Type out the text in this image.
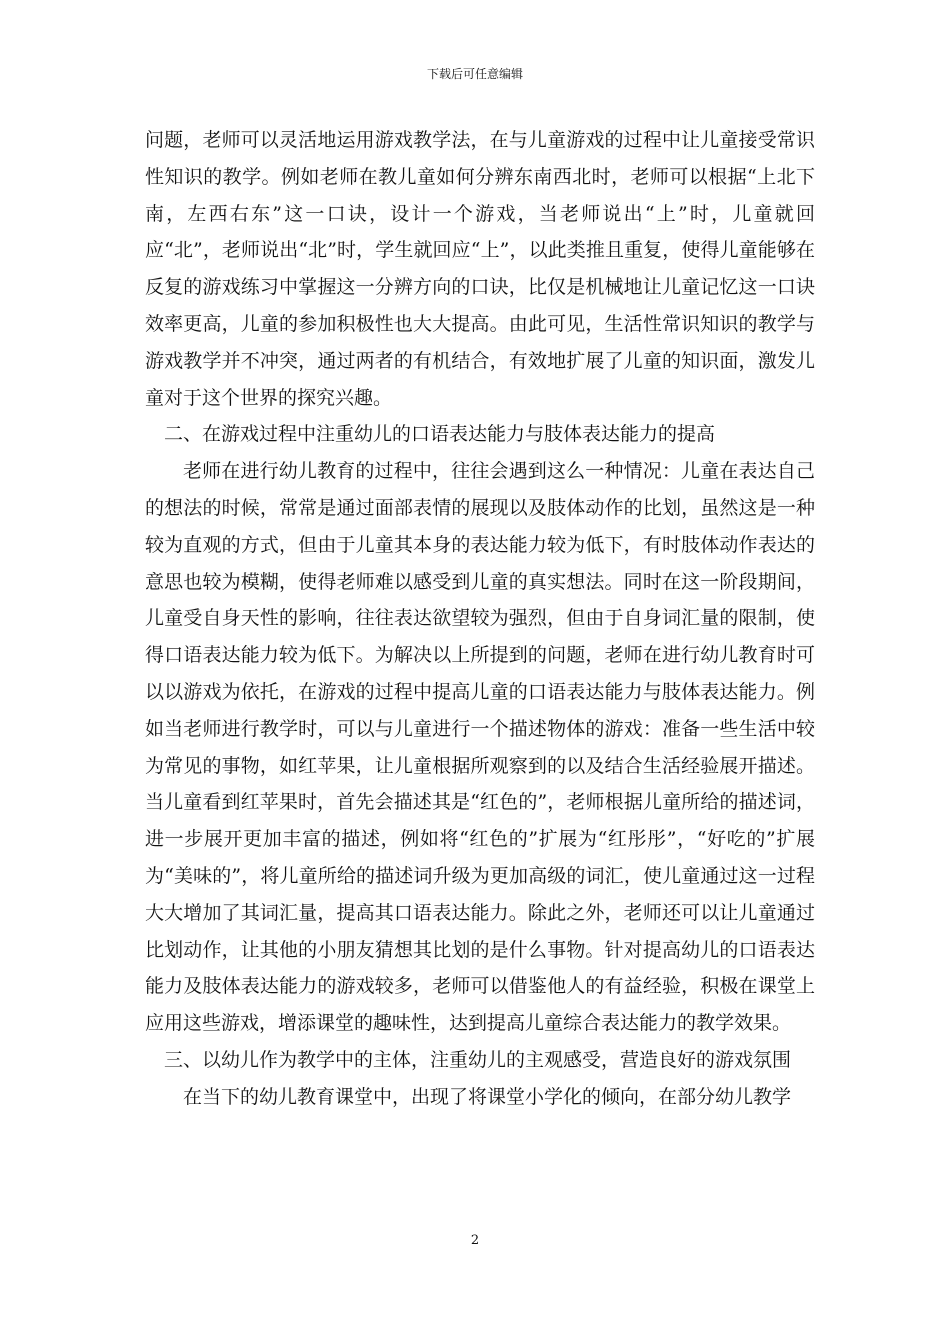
下载后可任意编辑

问题，老师可以灵活地运用游戏教学法，在与儿童游戏的过程中让儿童接受常识性知识的教学。例如老师在教儿童如何分辨东南西北时，老师可以根据“上北下南，左西右东”这一口诀，设计一个游戏，当老师说出“上”时，儿童就回应“北”，老师说出“北”时，学生就回应“上”，以此类推且重复，使得儿童能够在反复的游戏练习中掌握这一分辨方向的口诀，比仅是机械地让儿童记忆这一口诀效率更高，儿童的参加积极性也大大提高。由此可见，生活性常识知识的教学与游戏教学并不冲突，通过两者的有机结合，有效地扩展了儿童的知识面，激发儿童对于这个世界的探究兴趣。

二、在游戏过程中注重幼儿的口语表达能力与肢体表达能力的提高

老师在进行幼儿教育的过程中，往往会遇到这么一种情况：儿童在表达自己的想法的时候，常常是通过面部表情的展现以及肢体动作的比划，虽然这是一种较为直观的方式，但由于儿童其本身的表达能力较为低下，有时肢体动作表达的意思也较为模糊，使得老师难以感受到儿童的真实想法。同时在这一阶段期间，儿童受自身天性的影响，往往表达欲望较为强烈，但由于自身词汇量的限制，使得口语表达能力较为低下。为解决以上所提到的问题，老师在进行幼儿教育时可以以游戏为依托，在游戏的过程中提高儿童的口语表达能力与肢体表达能力。例如当老师进行教学时，可以与儿童进行一个描述物体的游戏：准备一些生活中较为常见的事物，如红苹果，让儿童根据所观察到的以及结合生活经验展开描述。当儿童看到红苹果时，首先会描述其是“红色的”，老师根据儿童所给的描述词，进一步展开更加丰富的描述，例如将“红色的”扩展为“红彤彤”，“好吃的”扩展为“美味的”，将儿童所给的描述词升级为更加高级的词汇，使儿童通过这一过程大大增加了其词汇量，提高其口语表达能力。除此之外，老师还可以让儿童通过比划动作，让其他的小朋友猜想其比划的是什么事物。针对提高幼儿的口语表达能力及肢体表达能力的游戏较多，老师可以借鉴他人的有益经验，积极在课堂上应用这些游戏，增添课堂的趣味性，达到提高儿童综合表达能力的教学效果。

三、以幼儿作为教学中的主体，注重幼儿的主观感受，营造良好的游戏氛围

在当下的幼儿教育课堂中，出现了将课堂小学化的倾向，在部分幼儿教学

2
